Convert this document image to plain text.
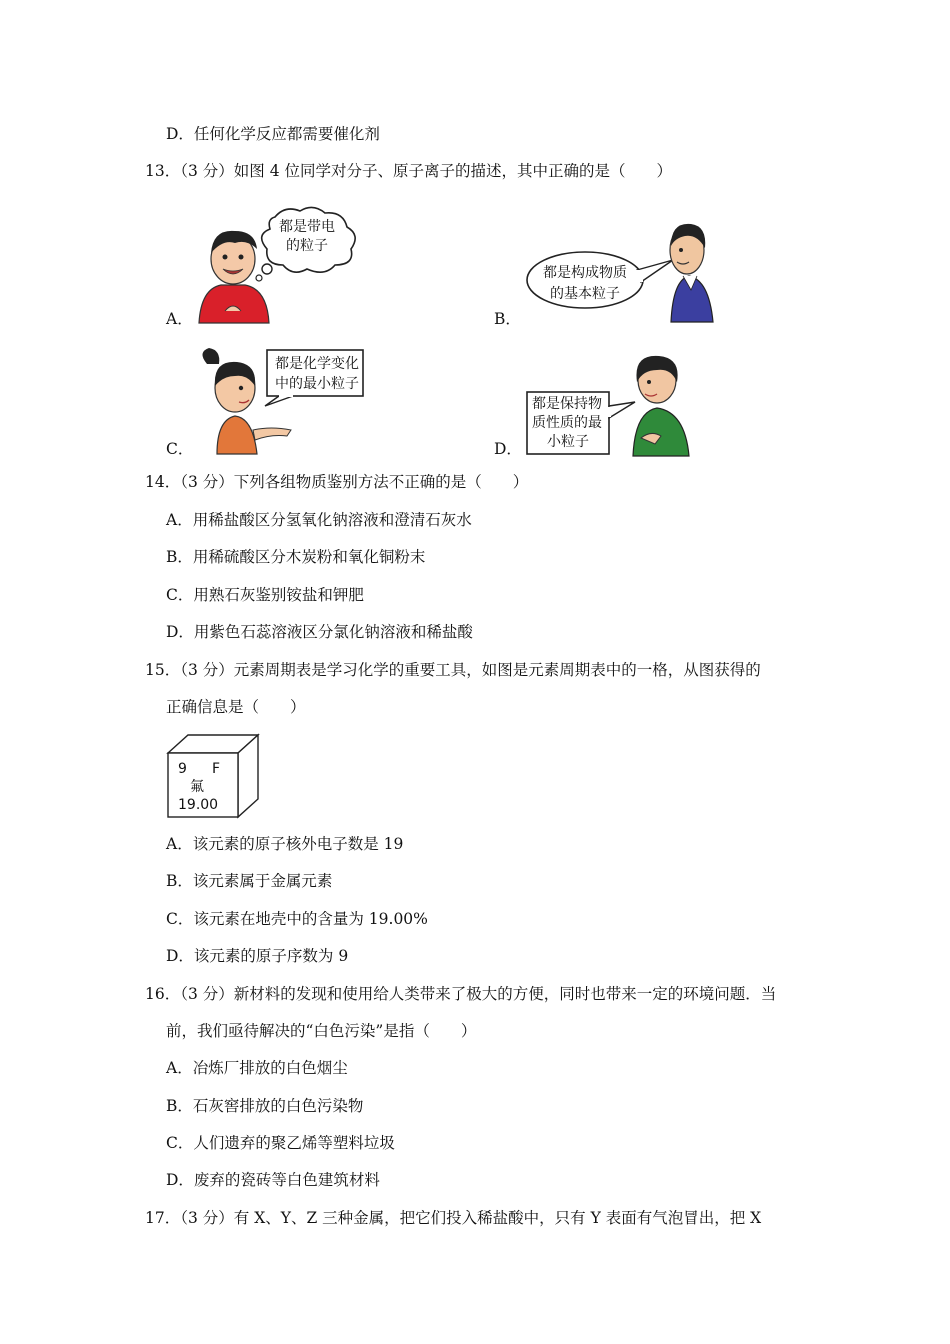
D．任何化学反应都需要催化剂
13．（3 分）如图 4 位同学对分子、原子离子的描述，其中正确的是（　　）
都是带电
的粒子
A．
都是构成物质
的基本粒子
B．
都是化学变化
中的最小粒子
C．
都是保持物
质性质的最
小粒子
D．
14．（3 分）下列各组物质鉴别方法不正确的是（　　）
A．用稀盐酸区分氢氧化钠溶液和澄清石灰水
B．用稀硫酸区分木炭粉和氧化铜粉末
C．用熟石灰鉴别铵盐和钾肥
D．用紫色石蕊溶液区分氯化钠溶液和稀盐酸
15．（3 分）元素周期表是学习化学的重要工具，如图是元素周期表中的一格，从图获得的
正确信息是（　　）
9 F
氟
19.00
A．该元素的原子核外电子数是 19
B．该元素属于金属元素
C．该元素在地壳中的含量为 19.00%
D．该元素的原子序数为 9
16．（3 分）新材料的发现和使用给人类带来了极大的方便，同时也带来一定的环境问题．当
前，我们亟待解决的“白色污染”是指（　　）
A．冶炼厂排放的白色烟尘
B．石灰窖排放的白色污染物
C．人们遗弃的聚乙烯等塑料垃圾
D．废弃的瓷砖等白色建筑材料
17．（3 分）有 X、Y、Z 三种金属，把它们投入稀盐酸中，只有 Y 表面有气泡冒出，把 X
